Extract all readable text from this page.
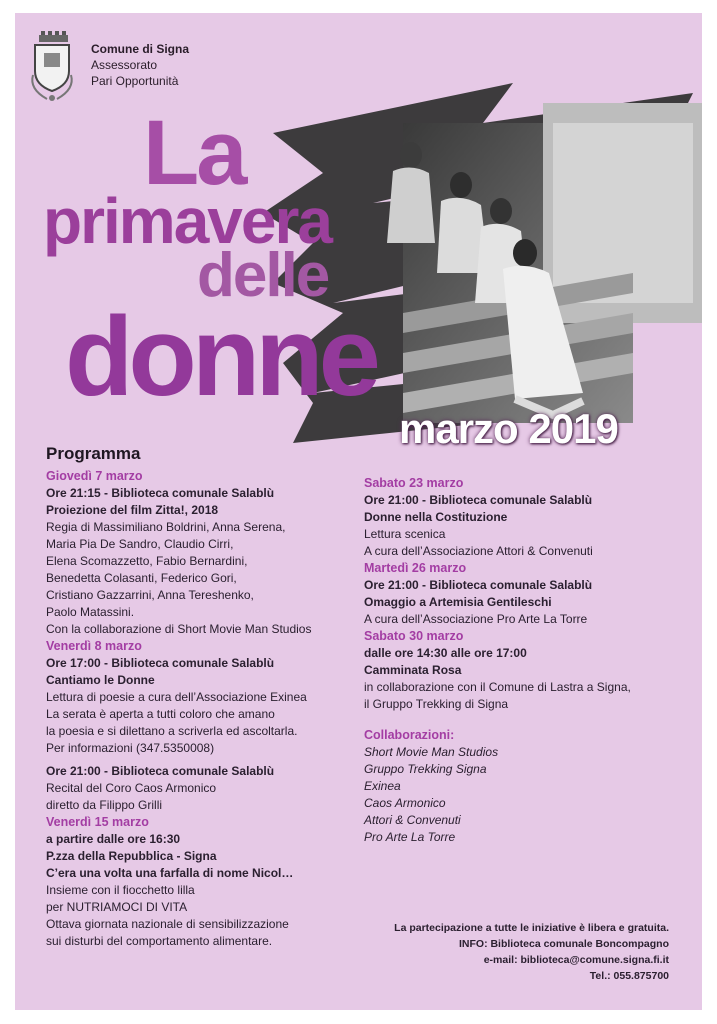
Comune di Signa
Assessorato
Pari Opportunità
La
primavera
delle
donne
marzo 2019
Programma
Giovedì 7 marzo
Ore 21:15 - Biblioteca comunale Salablù
Proiezione del film Zitta!, 2018
Regia di Massimiliano Boldrini, Anna Serena,
Maria Pia De Sandro, Claudio Cirri,
Elena Scomazzetto, Fabio Bernardini,
Benedetta Colasanti, Federico Gori,
Cristiano Gazzarrini, Anna Tereshenko,
Paolo Matassini.
Con la collaborazione di Short Movie Man Studios
Venerdì 8 marzo
Ore 17:00 - Biblioteca comunale Salablù
Cantiamo le Donne
Lettura di poesie a cura dell’Associazione Exinea
La serata è aperta a tutti coloro che amano
la poesia e si dilettano a scriverla ed ascoltarla.
Per informazioni (347.5350008)
Ore 21:00 - Biblioteca comunale Salablù
Recital del Coro Caos Armonico
diretto da Filippo Grilli
Venerdì 15 marzo
a partire dalle ore 16:30
P.zza della Repubblica - Signa
C’era una volta una farfalla di nome Nicol…
Insieme con il fiocchetto lilla
per NUTRIAMOCI DI VITA
Ottava giornata nazionale di sensibilizzazione
sui disturbi del comportamento alimentare.
Sabato 23 marzo
Ore 21:00 - Biblioteca comunale Salablù
Donne nella Costituzione
Lettura scenica
A cura dell’Associazione Attori & Convenuti
Martedì 26 marzo
Ore 21:00 - Biblioteca comunale Salablù
Omaggio a Artemisia Gentileschi
A cura dell’Associazione Pro Arte La Torre
Sabato 30 marzo
dalle ore 14:30 alle ore 17:00
Camminata Rosa
in collaborazione con il Comune di Lastra a Signa,
il Gruppo Trekking di Signa
Collaborazioni:
Short Movie Man Studios
Gruppo Trekking Signa
Exinea
Caos Armonico
Attori & Convenuti
Pro Arte La Torre
La partecipazione a tutte le iniziative è libera e gratuita.
INFO: Biblioteca comunale Boncompagno
e-mail: biblioteca@comune.signa.fi.it
Tel.: 055.875700
